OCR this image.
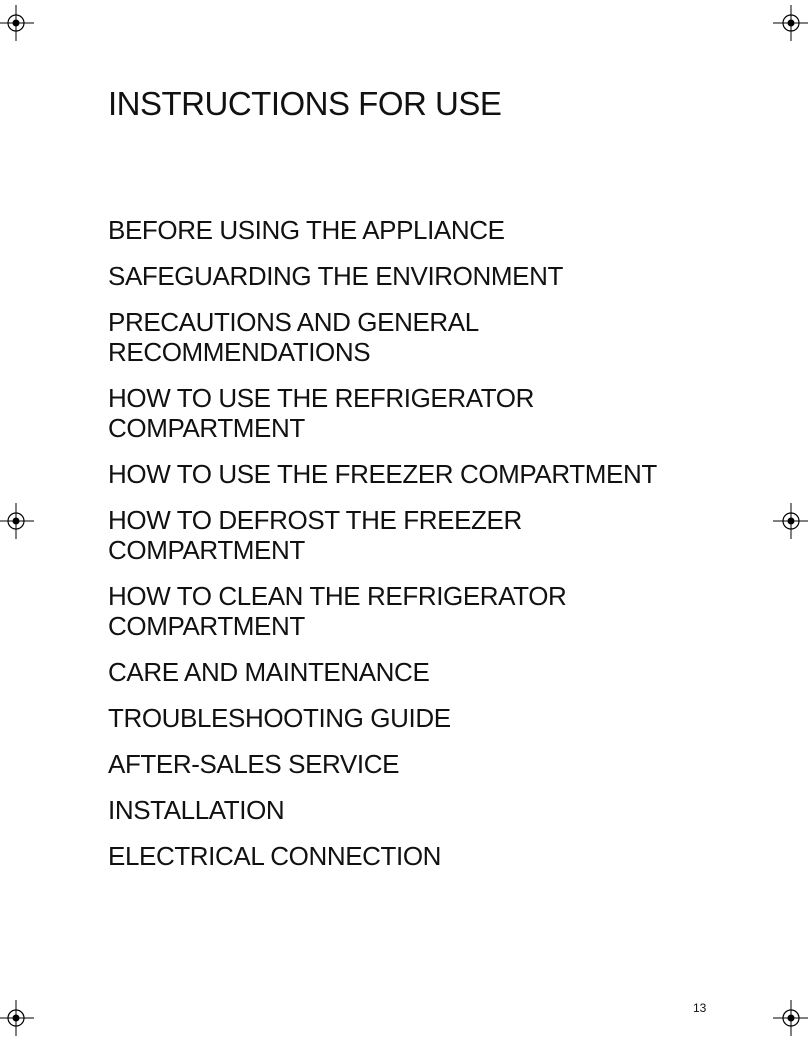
INSTRUCTIONS FOR USE
BEFORE USING THE APPLIANCE
SAFEGUARDING THE ENVIRONMENT
PRECAUTIONS AND GENERAL
RECOMMENDATIONS
HOW TO USE THE REFRIGERATOR
COMPARTMENT
HOW TO USE THE FREEZER COMPARTMENT
HOW TO DEFROST THE FREEZER
COMPARTMENT
HOW TO CLEAN THE REFRIGERATOR
COMPARTMENT
CARE AND MAINTENANCE
TROUBLESHOOTING GUIDE
AFTER-SALES SERVICE
INSTALLATION
ELECTRICAL CONNECTION
13
